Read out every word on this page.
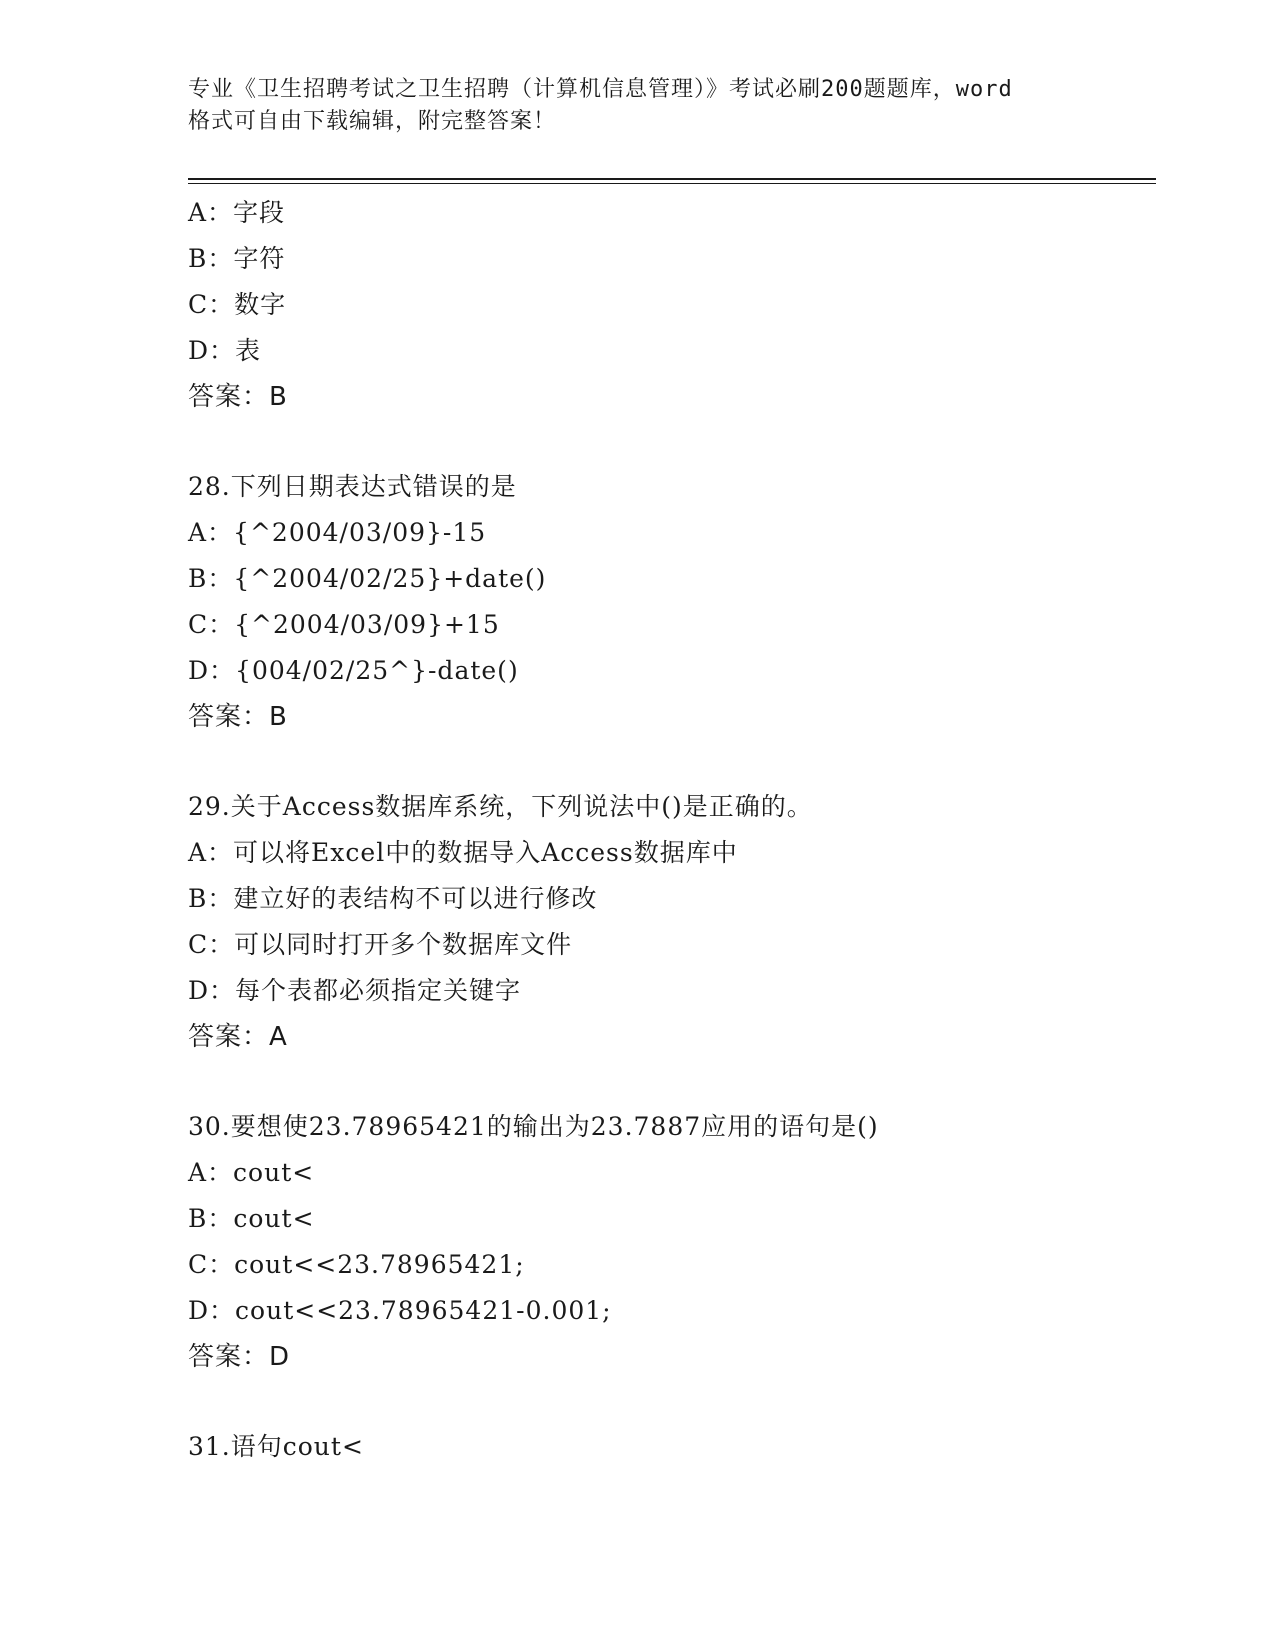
专业《卫生招聘考试之卫生招聘（计算机信息管理）》考试必刷200题题库，word
格式可自由下载编辑，附完整答案！
A：字段
B：字符
C：数字
D：表
答案：B
28.下列日期表达式错误的是
A：{^2004/03/09}-15
B：{^2004/02/25}+date()
C：{^2004/03/09}+15
D：{004/02/25^}-date()
答案：B
29.关于Access数据库系统，下列说法中()是正确的。
A：可以将Excel中的数据导入Access数据库中
B：建立好的表结构不可以进行修改
C：可以同时打开多个数据库文件
D：每个表都必须指定关键字
答案：A
30.要想使23.78965421的输出为23.7887应用的语句是()
A：cout<
B：cout<
C：cout<<23.78965421;
D：cout<<23.78965421-0.001;
答案：D
31.语句cout<
